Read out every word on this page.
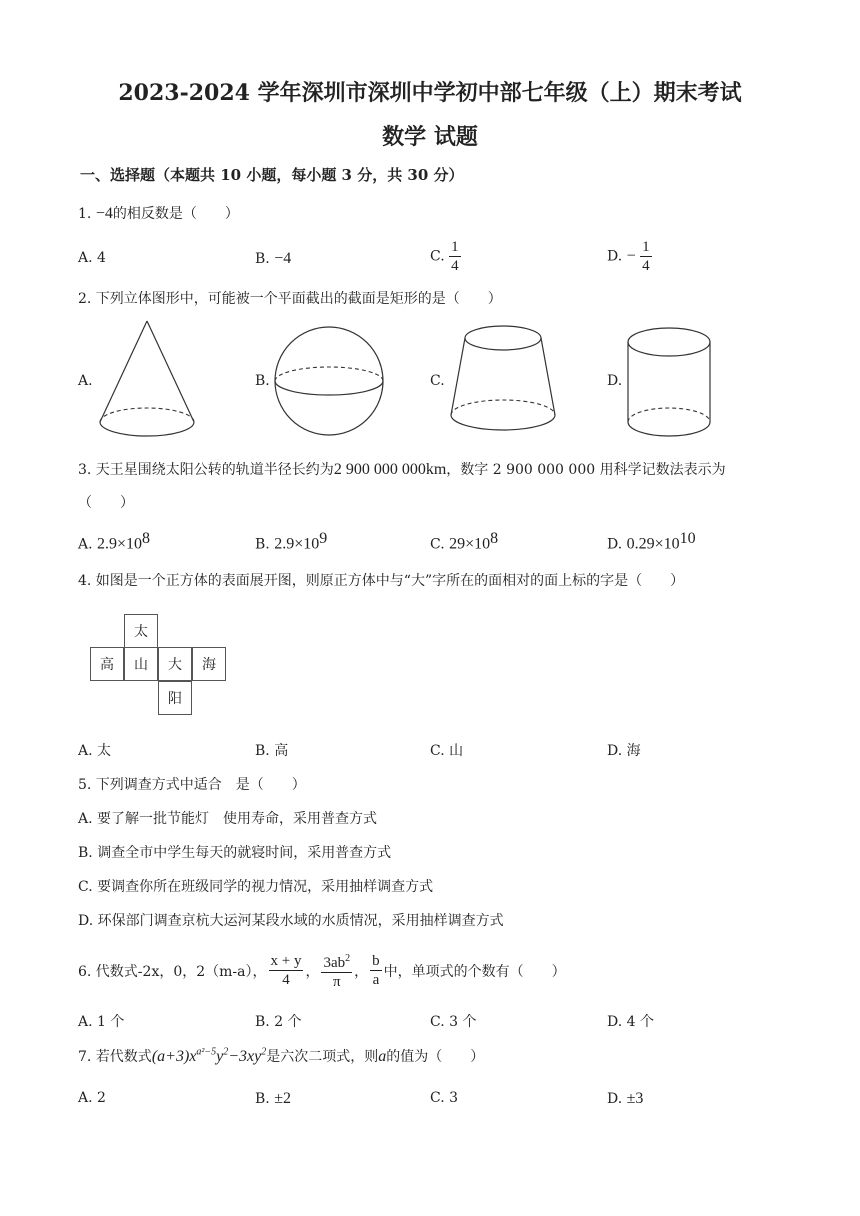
2023-2024 学年深圳市深圳中学初中部七年级（上）期末考试
数学 试题
一、选择题（本题共 10 小题，每小题 3 分，共 30 分）
1. −4的相反数是（　　）
A. 4	B. −4	C. $\frac{1}{4}$	D. − $\frac{1}{4}$
2. 下列立体图形中，可能被一个平面截出的截面是矩形的是（　　）
A.	B.	C.	D.
3. 天王星围绕太阳公转的轨道半径长约为2 900 000 000km，数字 2 900 000 000 用科学记数法表示为
（　　）
A. $2.9\times 10^8$	B. $2.9\times 10^9$	C. $29\times 10^8$	D. $0.29\times 10^{10}$
4. 如图是一个正方体的表面展开图，则原正方体中与“大”字所在的面相对的面上标的字是（　　）
太
高	山	大	海
阳
A. 太	B. 高	C. 山	D. 海
5. 下列调查方式中适合　是（　　）
A. 要了解一批节能灯　使用寿命，采用普查方式
B. 调查全市中学生每天的就寝时间，采用普查方式
C. 要调查你所在班级同学的视力情况，采用抽样调查方式
D. 环保部门调查京杭大运河某段水域的水质情况，采用抽样调查方式
6. 代数式-2x，0，2（m-a）， $\frac{x + y}{4}$ ， $\frac{3ab^2}{\pi}$ ， $\frac{b}{a}$ 中，单项式的个数有（　　）
A. 1 个	B. 2 个	C. 3 个	D. 4 个
7. 若代数式$(a+3)x^{a^2-5}y^2-3xy^2$是六次二项式，则a的值为（　　）
A. 2	B. ±2	C. 3	D. ±3
